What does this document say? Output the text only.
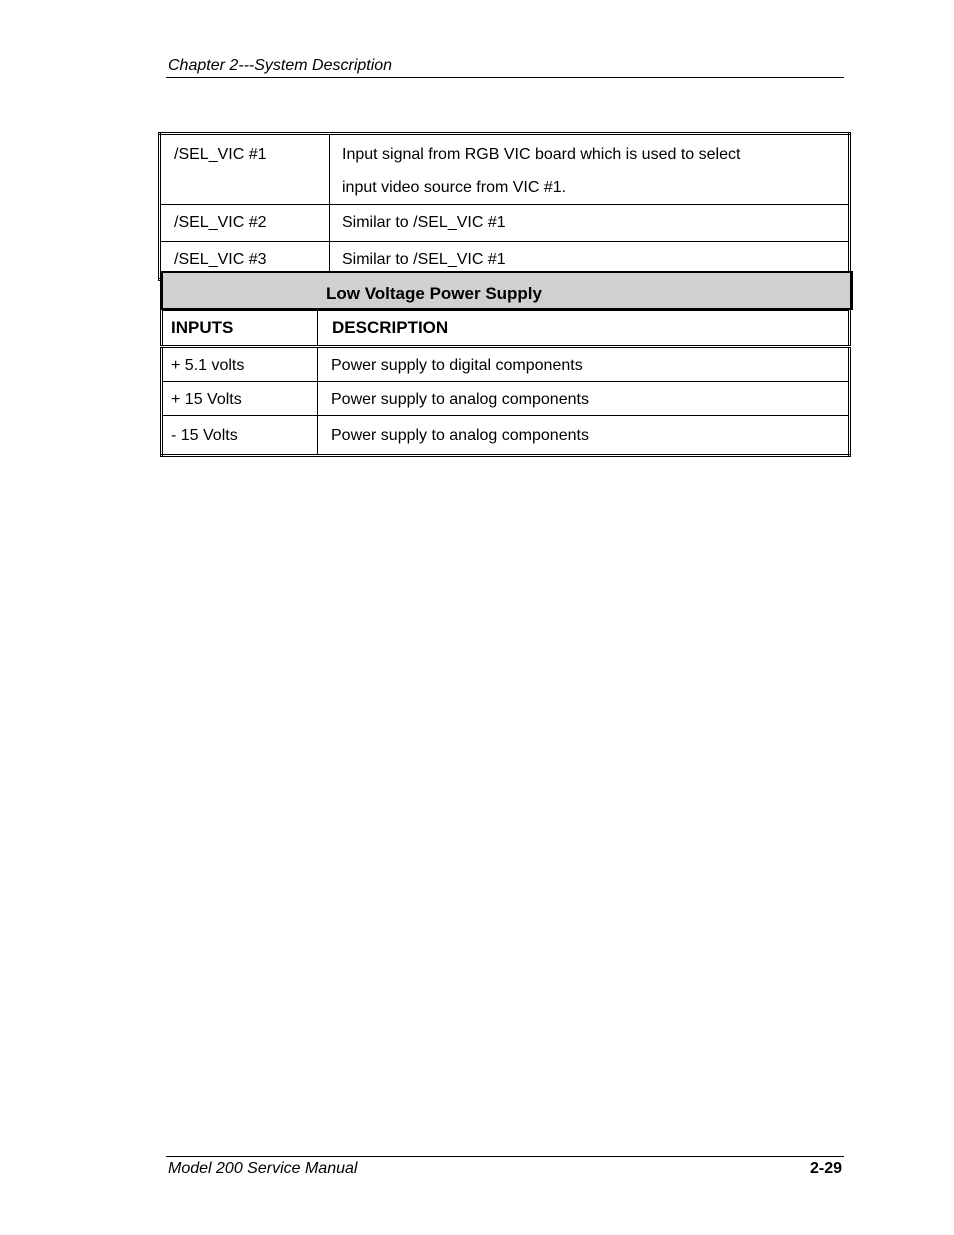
Chapter 2---System Description
/SEL_VIC #1	Input signal from RGB VIC board which is used to select
input video source from VIC #1.

/SEL_VIC #2	Similar to /SEL_VIC #1
/SEL_VIC #3	Similar to /SEL_VIC #1
Low Voltage Power Supply
INPUTS	DESCRIPTION
+ 5.1 volts	Power supply to digital components
+ 15 Volts	Power supply to analog components
- 15 Volts	Power supply to analog components
Model 200 Service Manual	2-29
